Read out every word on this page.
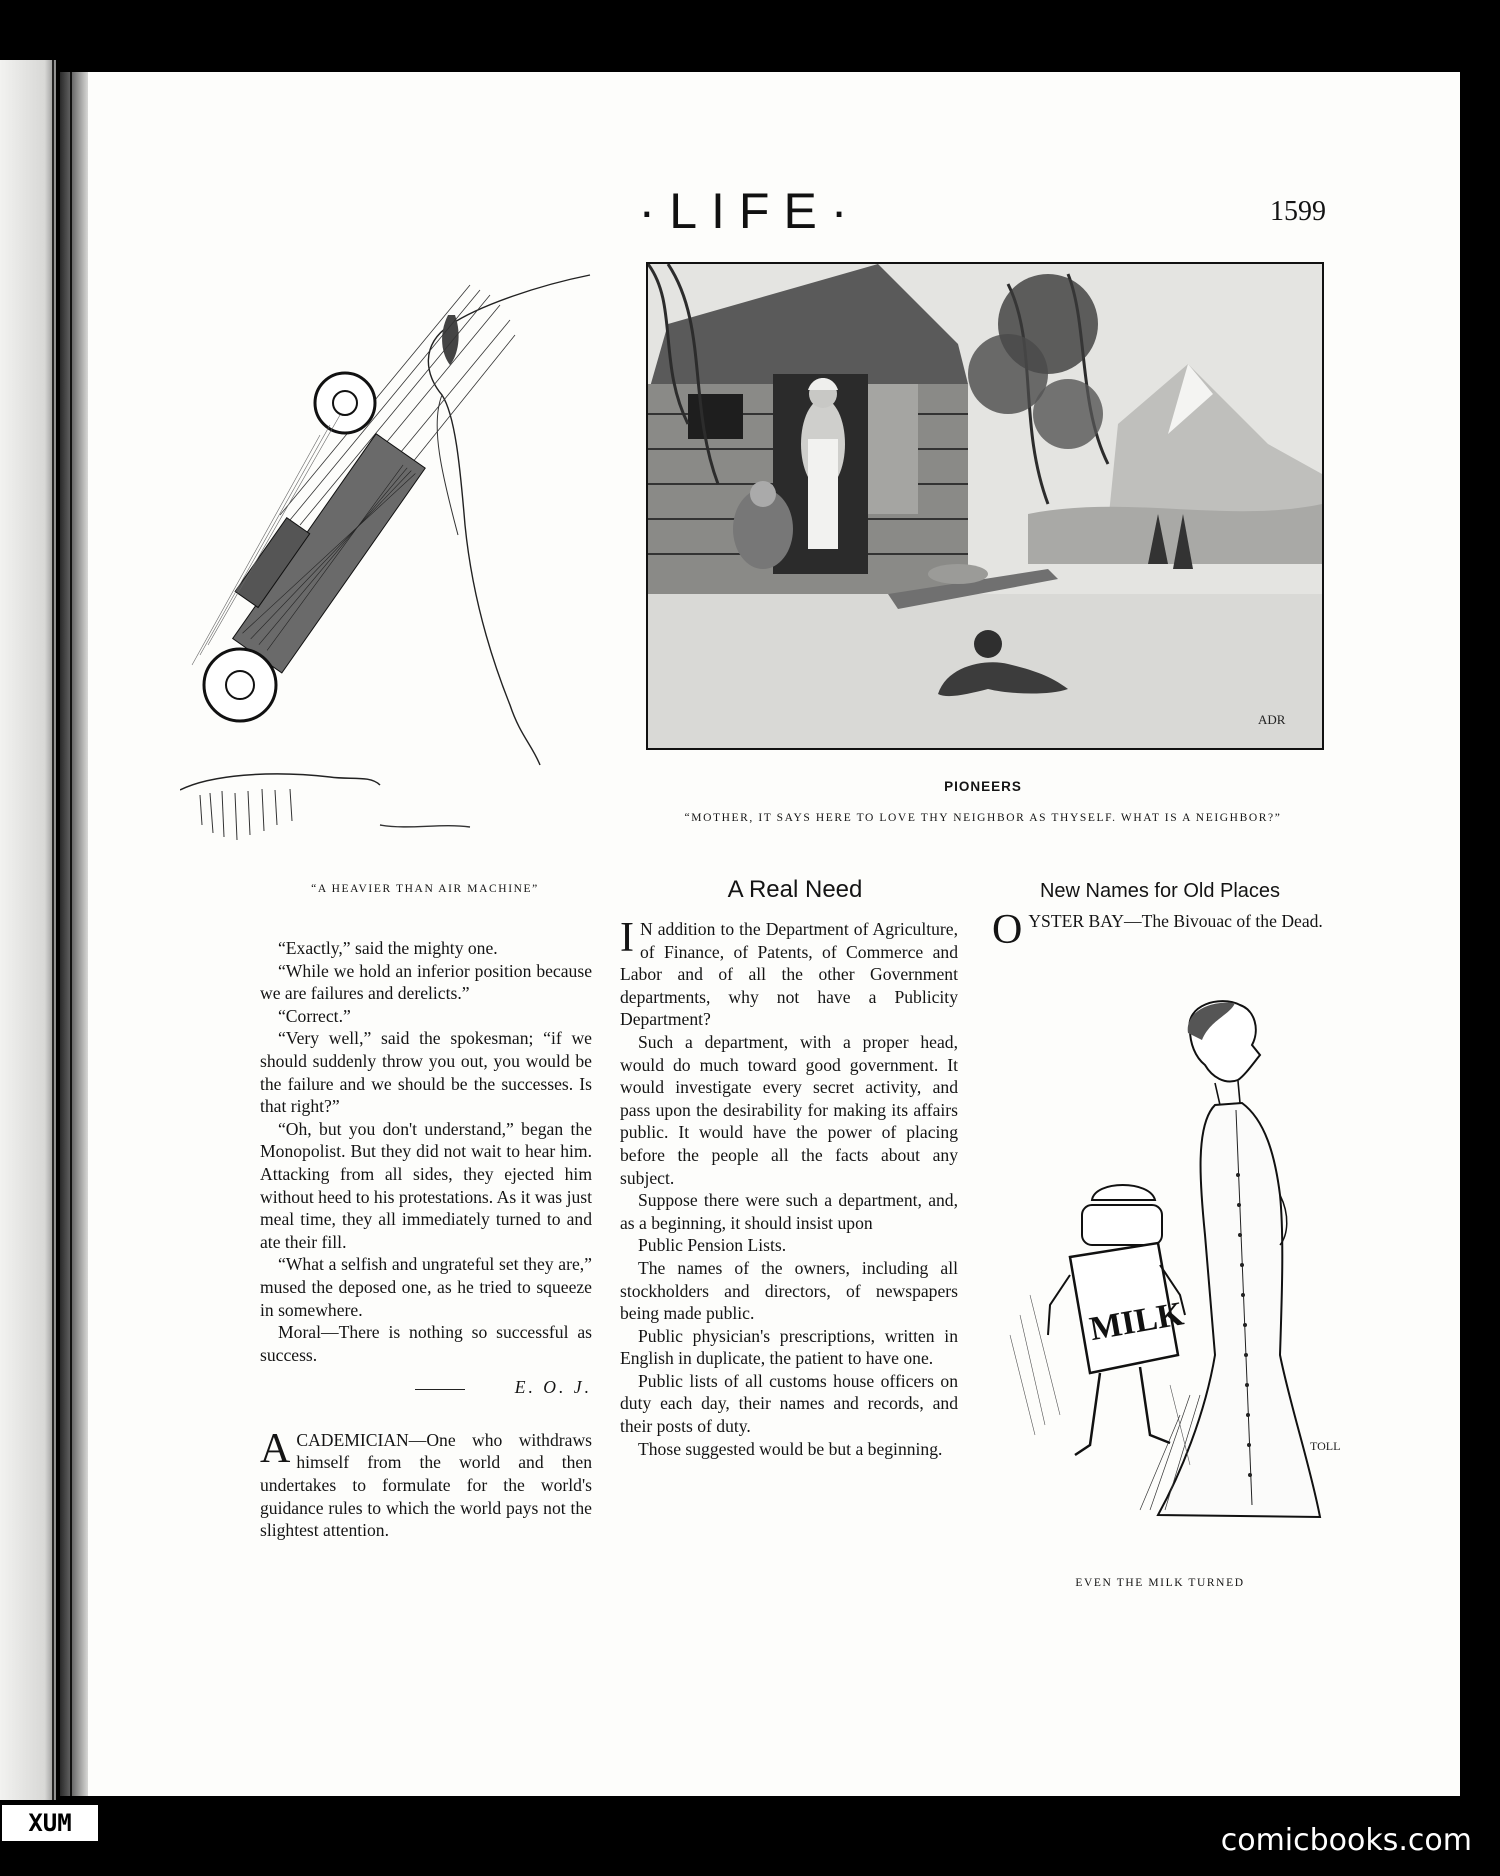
·LIFE·	1599
“A HEAVIER THAN AIR MACHINE”
ADR
PIONEERS
“MOTHER, IT SAYS HERE TO LOVE THY NEIGHBOR AS THYSELF. WHAT IS A NEIGHBOR?”

“Exactly,” said the mighty one.

“While we hold an inferior position because we are failures and derelicts.”

“Correct.”

“Very well,” said the spokesman; “if we should suddenly throw you out, you would be the failure and we should be the successes. Is that right?”

“Oh, but you don't understand,” began the Monopolist. But they did not wait to hear him. Attacking from all sides, they ejected him without heed to his protestations. As it was just meal time, they all immediately turned to and ate their fill.

“What a selfish and ungrateful set they are,” mused the deposed one, as he tried to squeeze in somewhere.

Moral—There is nothing so successful as success.

E. O. J.

ACADEMICIAN—One who withdraws himself from the world and then undertakes to formulate for the world's guidance rules to which the world pays not the slightest attention.

A Real Need

I N addition to the Department of Agriculture, of Finance, of Patents, of Commerce and Labor and of all the other Government departments, why not have a Publicity Department?

Such a department, with a proper head, would do much toward good government. It would investigate every secret activity, and pass upon the desirability for making its affairs public. It would have the power of placing before the people all the facts about any subject.

Suppose there were such a department, and, as a beginning, it should insist upon

Public Pension Lists.

The names of the owners, including all stockholders and directors, of newspapers being made public.

Public physician's prescriptions, written in English in duplicate, the patient to have one.

Public lists of all customs house officers on duty each day, their names and records, and their posts of duty.

Those suggested would be but a beginning.

New Names for Old Places

OYSTER BAY—The Bivouac of the Dead.

MILK
TOLL
EVEN THE MILK TURNED
XUM	comicbooks.com
